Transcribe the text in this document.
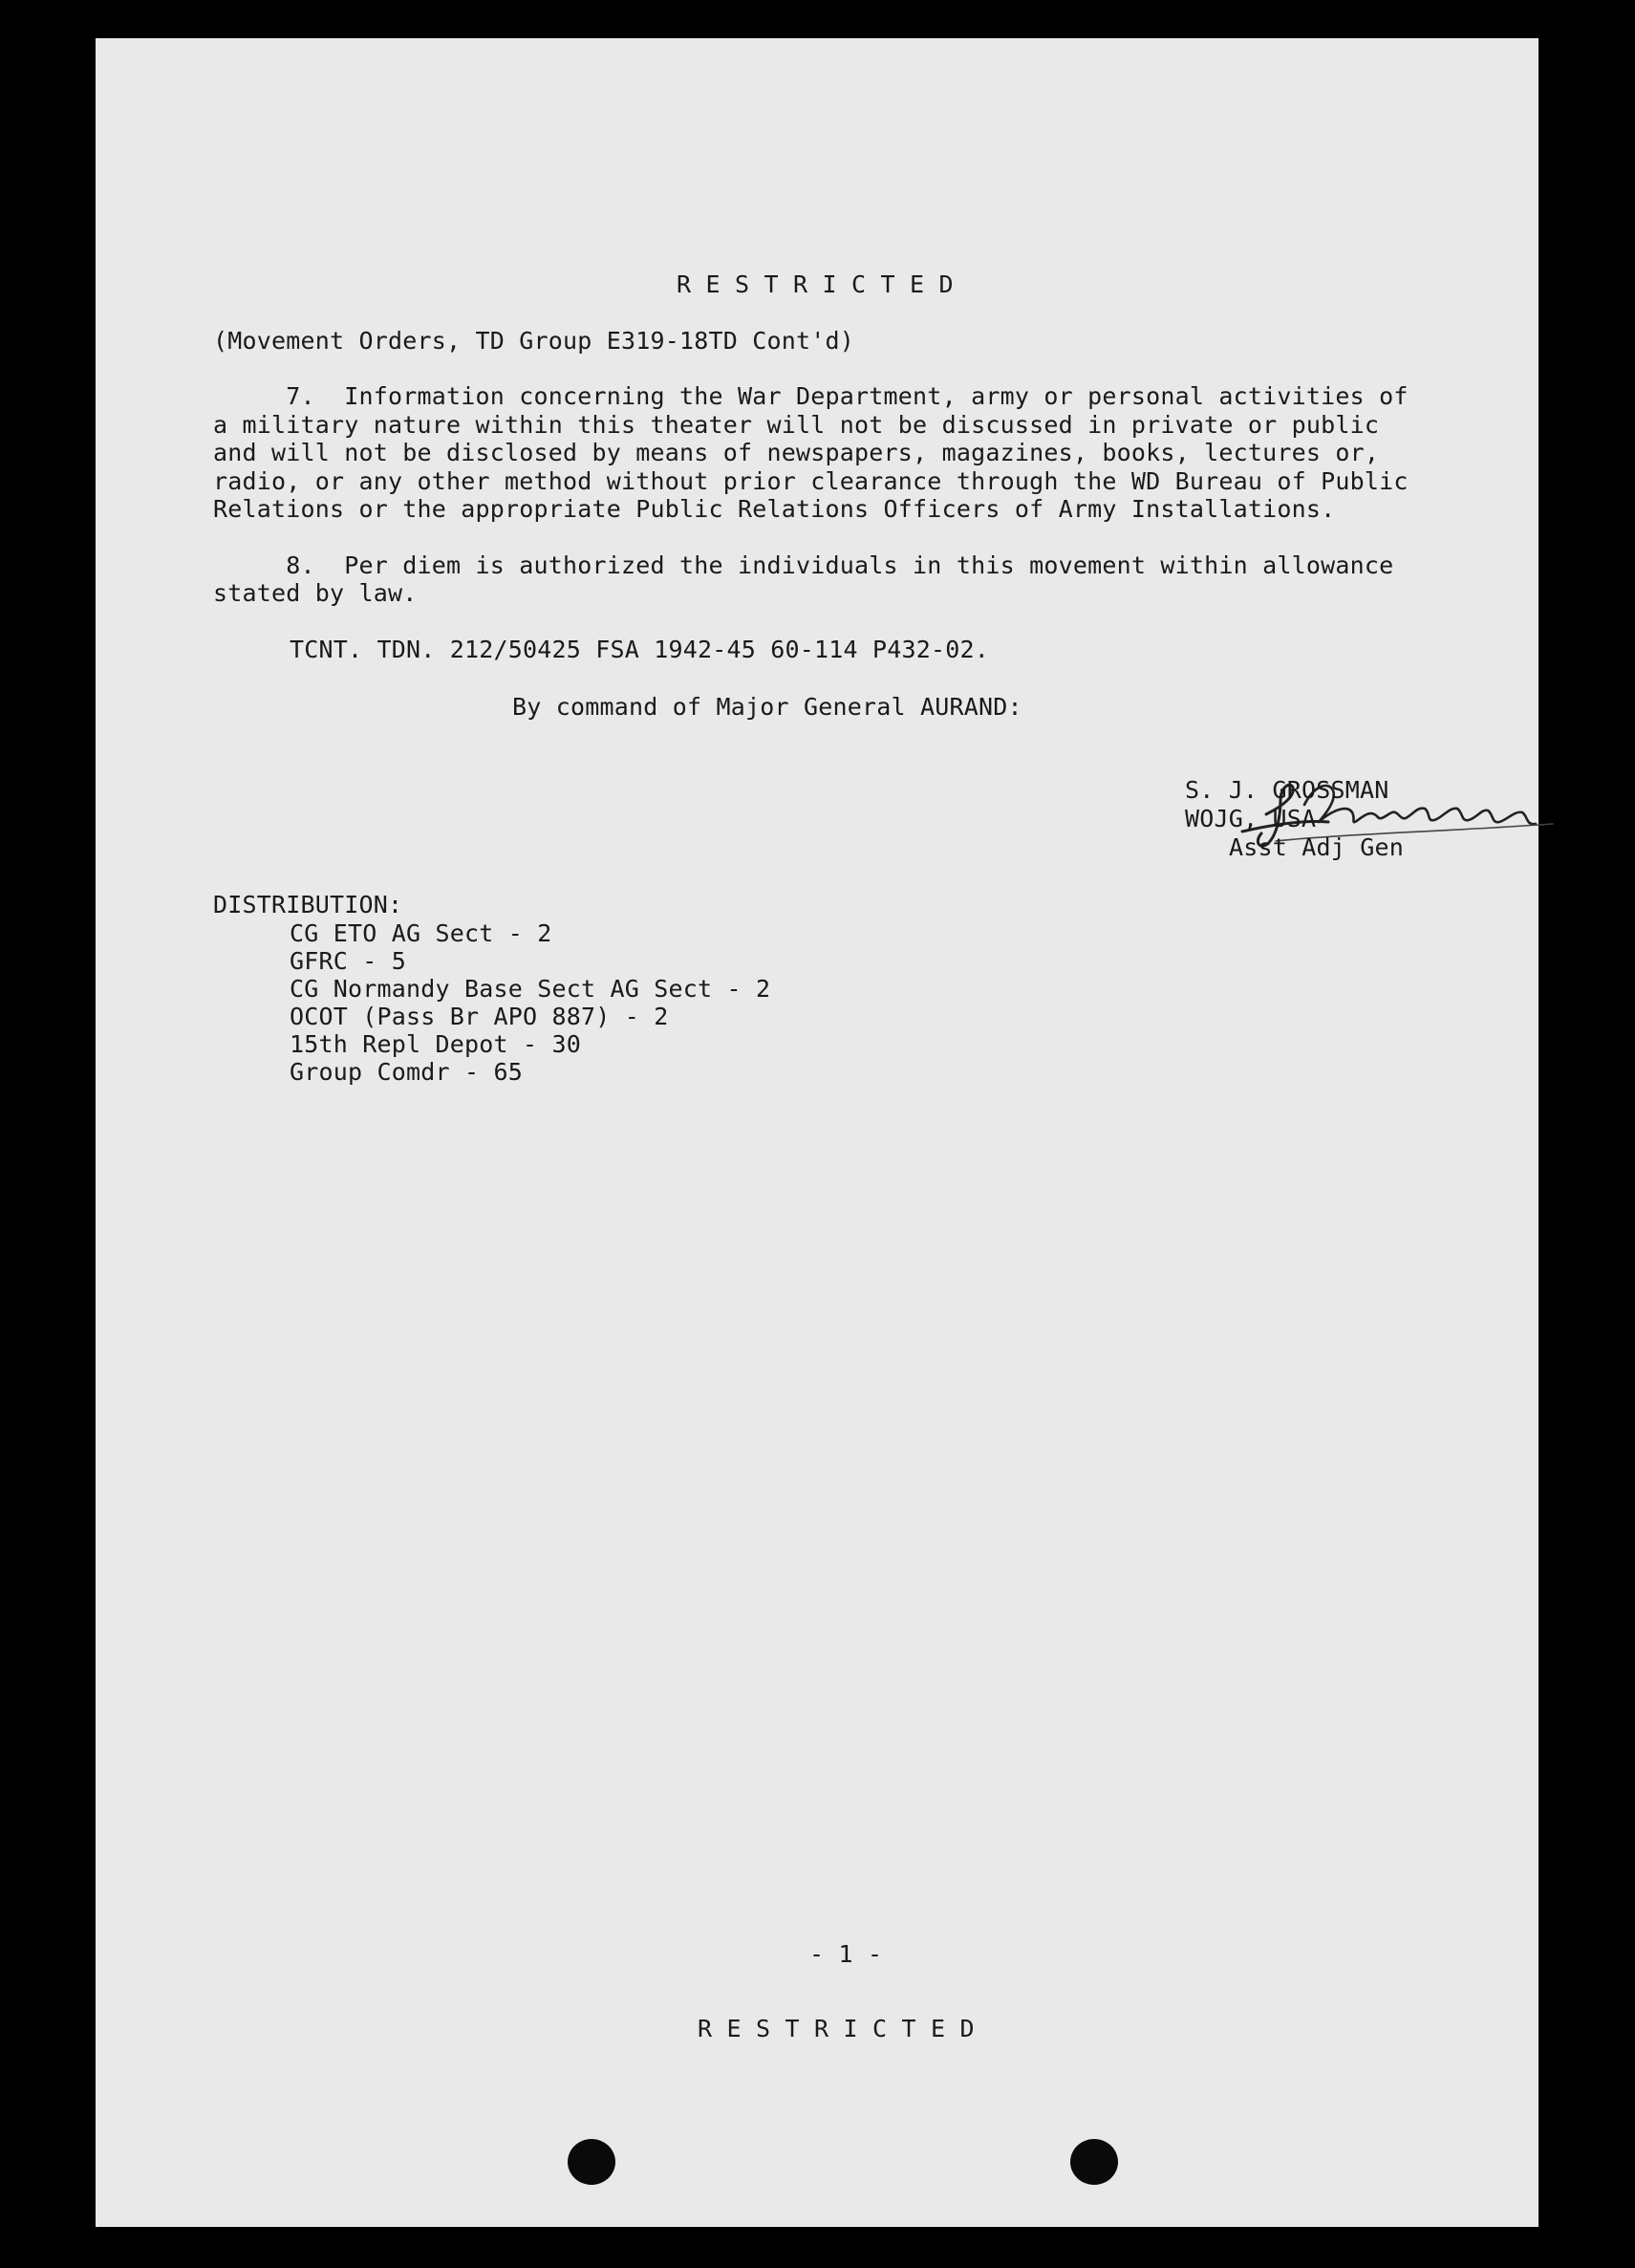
R E S T R I C T E D
(Movement Orders, TD Group E319-18TD Cont'd)
7.  Information concerning the War Department, army or personal activities of
a military nature within this theater will not be discussed in private or public
and will not be disclosed by means of newspapers, magazines, books, lectures or,
radio, or any other method without prior clearance through the WD Bureau of Public
Relations or the appropriate Public Relations Officers of Army Installations.
8.  Per diem is authorized the individuals in this movement within allowance
stated by law.
TCNT. TDN. 212/50425 FSA 1942-45 60-114 P432-02.
By command of Major General AURAND:
S. J. GROSSMAN
WOJG, USA
Asst Adj Gen
DISTRIBUTION:
CG ETO AG Sect - 2
GFRC - 5
CG Normandy Base Sect AG Sect - 2
OCOT (Pass Br APO 887) - 2
15th Repl Depot - 30
Group Comdr - 65
- 1 -
R E S T R I C T E D
